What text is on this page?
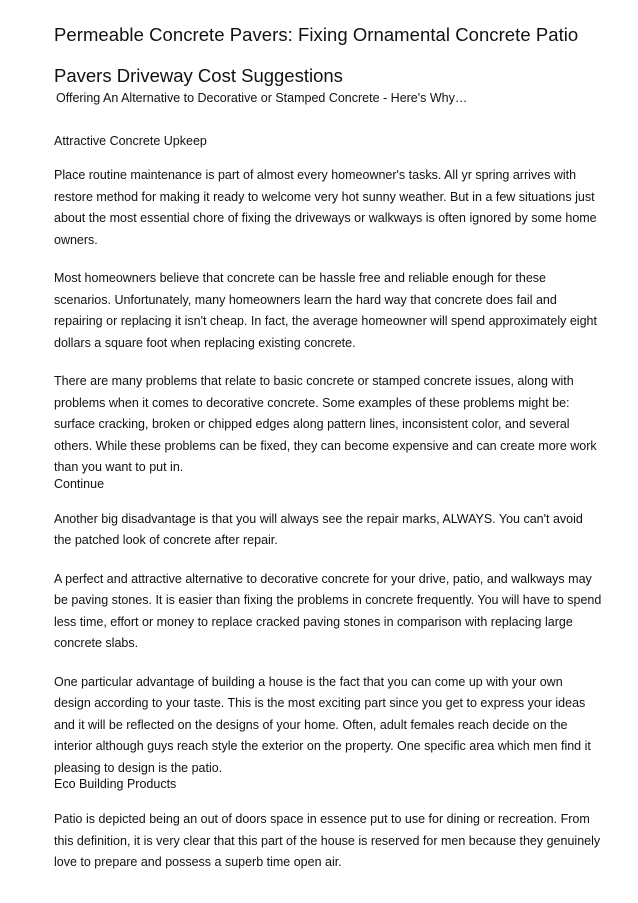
Permeable Concrete Pavers: Fixing Ornamental Concrete Patio
Pavers Driveway Cost Suggestions
Offering An Alternative to Decorative or Stamped Concrete - Here's Why…
Attractive Concrete Upkeep

Place routine maintenance is part of almost every homeowner's tasks. All yr spring arrives with restore method for making it ready to welcome very hot sunny weather. But in a few situations just about the most essential chore of fixing the driveways or walkways is often ignored by some home owners.

Most homeowners believe that concrete can be hassle free and reliable enough for these scenarios. Unfortunately, many homeowners learn the hard way that concrete does fail and repairing or replacing it isn't cheap. In fact, the average homeowner will spend approximately eight dollars a square foot when replacing existing concrete.

There are many problems that relate to basic concrete or stamped concrete issues, along with problems when it comes to decorative concrete. Some examples of these problems might be: surface cracking, broken or chipped edges along pattern lines, inconsistent color, and several others. While these problems can be fixed, they can become expensive and can create more work than you want to put in.

Continue

Another big disadvantage is that you will always see the repair marks, ALWAYS. You can't avoid the patched look of concrete after repair.

A perfect and attractive alternative to decorative concrete for your drive, patio, and walkways may be paving stones. It is easier than fixing the problems in concrete frequently. You will have to spend less time, effort or money to replace cracked paving stones in comparison with replacing large concrete slabs.

One particular advantage of building a house is the fact that you can come up with your own design according to your taste. This is the most exciting part since you get to express your ideas and it will be reflected on the designs of your home. Often, adult females reach decide on the interior although guys reach style the exterior on the property. One specific area which men find it pleasing to design is the patio.

Eco Building Products

Patio is depicted being an out of doors space in essence put to use for dining or recreation. From this definition, it is very clear that this part of the house is reserved for men because they genuinely love to prepare and possess a superb time open air.
